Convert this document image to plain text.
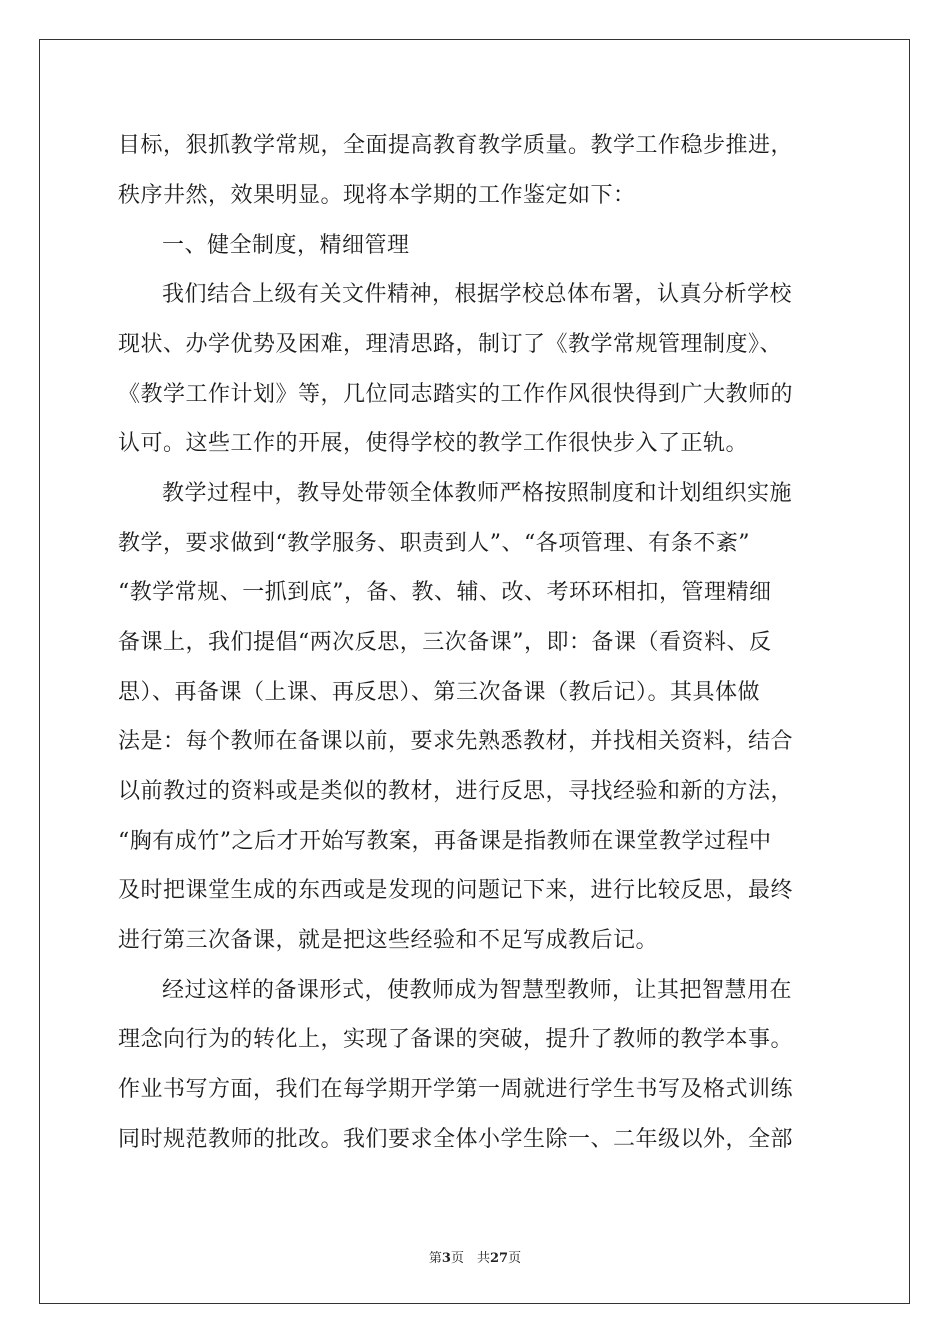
目标，狠抓教学常规，全面提高教育教学质量。教学工作稳步推进，
秩序井然，效果明显。现将本学期的工作鉴定如下：
一、健全制度，精细管理
我们结合上级有关文件精神，根据学校总体布署，认真分析学校
现状、办学优势及困难，理清思路，制订了《教学常规管理制度》、
《教学工作计划》等，几位同志踏实的工作作风很快得到广大教师的
认可。这些工作的开展，使得学校的教学工作很快步入了正轨。
教学过程中，教导处带领全体教师严格按照制度和计划组织实施
教学，要求做到“教学服务、职责到人”、“各项管理、有条不紊”
“教学常规、一抓到底”，备、教、辅、改、考环环相扣，管理精细
备课上，我们提倡“两次反思，三次备课”，即：备课（看资料、反
思）、再备课（上课、再反思）、第三次备课（教后记）。其具体做
法是：每个教师在备课以前，要求先熟悉教材，并找相关资料，结合
以前教过的资料或是类似的教材，进行反思，寻找经验和新的方法，
“胸有成竹”之后才开始写教案，再备课是指教师在课堂教学过程中
及时把课堂生成的东西或是发现的问题记下来，进行比较反思，最终
进行第三次备课，就是把这些经验和不足写成教后记。
经过这样的备课形式，使教师成为智慧型教师，让其把智慧用在
理念向行为的转化上，实现了备课的突破，提升了教师的教学本事。
作业书写方面，我们在每学期开学第一周就进行学生书写及格式训练
同时规范教师的批改。我们要求全体小学生除一、二年级以外，全部
第3页　共27页
